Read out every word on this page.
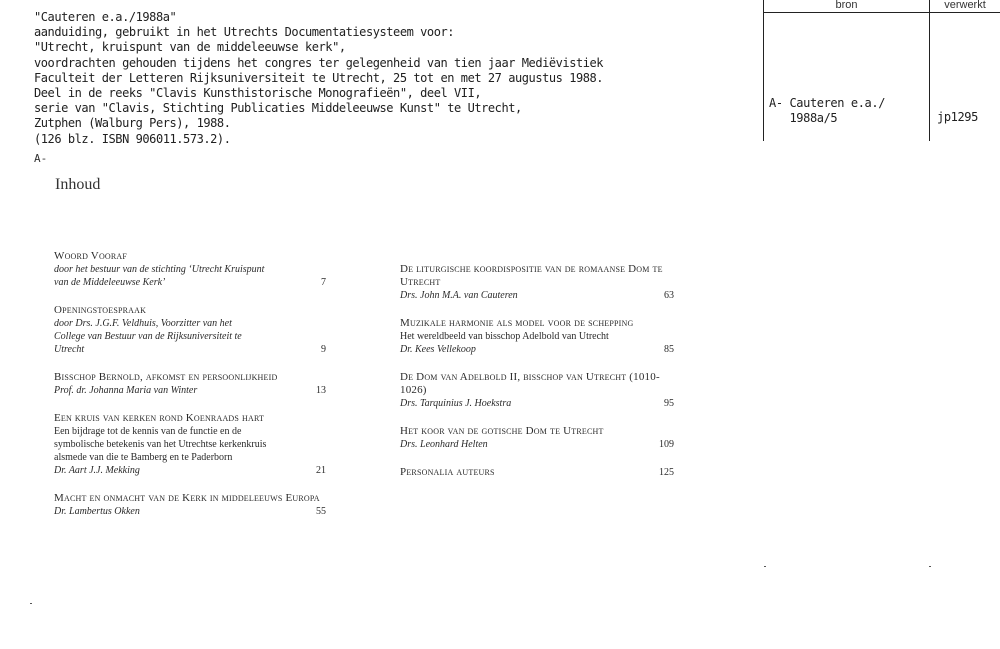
"Cauteren e.a./1988a"
aanduiding, gebruikt in het Utrechts Documentatiesysteem voor:
"Utrecht, kruispunt van de middeleeuwse kerk",
voordrachten gehouden tijdens het congres ter gelegenheid van tien jaar Mediëvistiek
Faculteit der Letteren Rijksuniversiteit te Utrecht, 25 tot en met 27 augustus 1988.
Deel in de reeks "Clavis Kunsthistorische Monografieën", deel VII,
serie van "Clavis, Stichting Publicaties Middeleeuwse Kunst" te Utrecht,
Zutphen (Walburg Pers), 1988.
(126 blz. ISBN 906011.573.2).
A-
bron	verwerkt
A- Cauteren e.a./
1988a/5	jp1295
Inhoud
Woord Vooraf
door het bestuur van de stichting ‘Utrecht Kruispunt
van de Middeleeuwse Kerk’	7
Openingstoespraak
door Drs. J.G.F. Veldhuis, Voorzitter van het
College van Bestuur van de Rijksuniversiteit te
Utrecht	9
Bisschop Bernold, afkomst en persoonlijkheid
Prof. dr. Johanna Maria van Winter	13
Een kruis van kerken rond Koenraads hart
Een bijdrage tot de kennis van de functie en de
symbolische betekenis van het Utrechtse kerkenkruis
alsmede van die te Bamberg en te Paderborn
Dr. Aart J.J. Mekking	21
Macht en onmacht van de Kerk in middeleeuws Europa
Dr. Lambertus Okken	55
De liturgische koordispositie van de romaanse Dom te Utrecht
Drs. John M.A. van Cauteren	63
Muzikale harmonie als model voor de schepping
Het wereldbeeld van bisschop Adelbold van Utrecht
Dr. Kees Vellekoop	85
De Dom van Adelbold II, bisschop van Utrecht (1010-1026)
Drs. Tarquinius J. Hoekstra	95
Het koor van de gotische Dom te Utrecht
Drs. Leonhard Helten	109
Personalia auteurs	125
